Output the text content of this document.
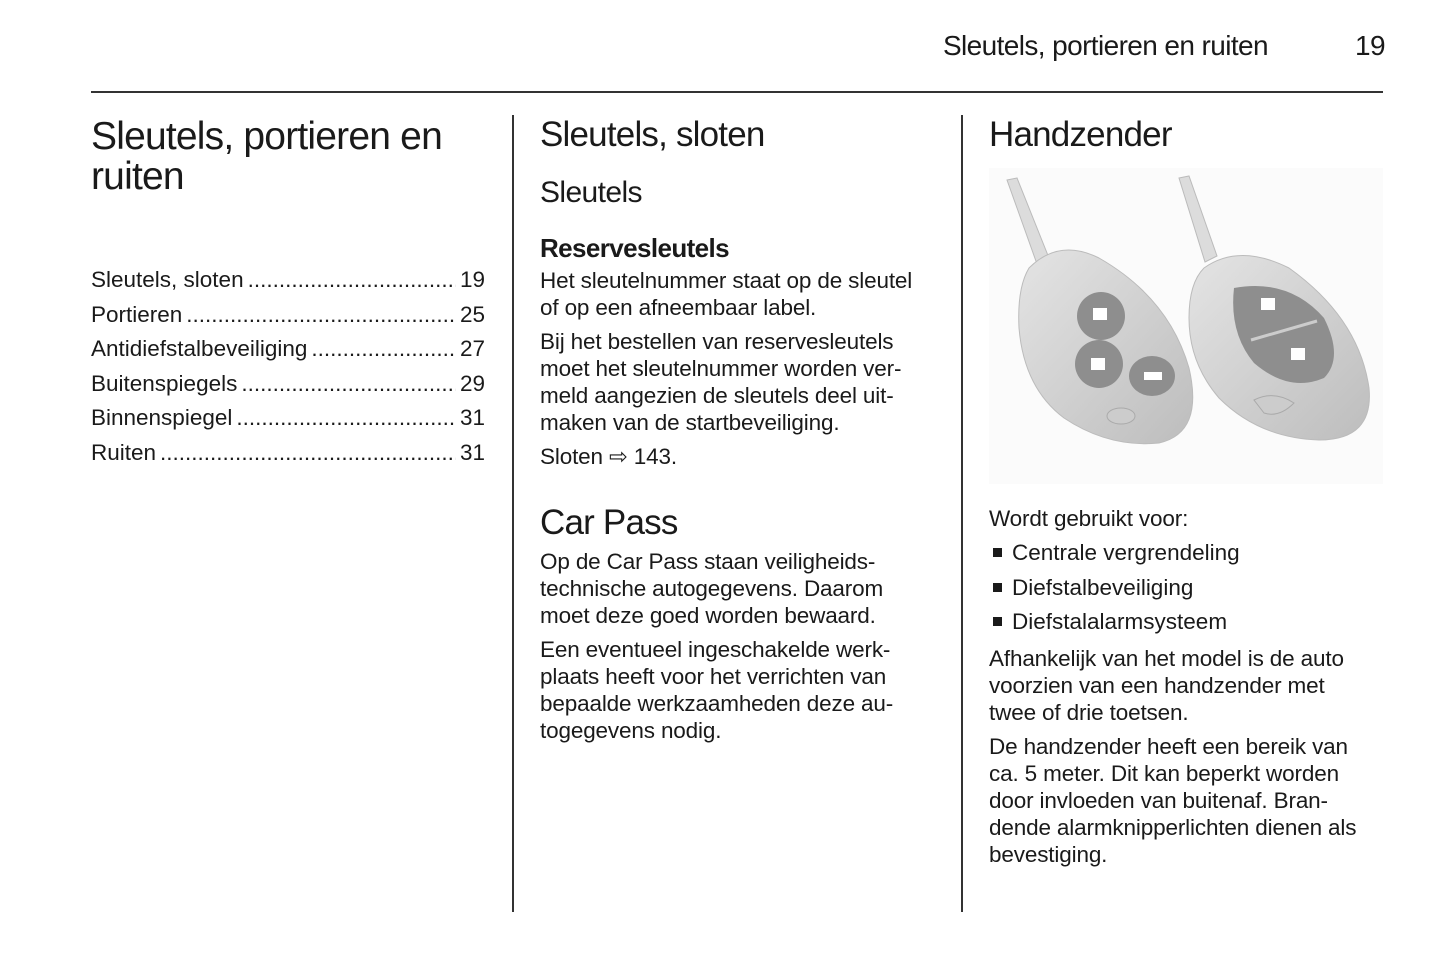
Sleutels, portieren en ruiten	19
Sleutels, portieren en
ruiten
Sleutels, sloten .....	19
Portieren .....	25
Antidiefstalbeveiliging .....	27
Buitenspiegels .....	29
Binnenspiegel .....	31
Ruiten .....	31
Sleutels, sloten
Sleutels
Reservesleutels
Het sleutelnummer staat op de sleutel
of op een afneembaar label.
Bij het bestellen van reservesleutels
moet het sleutelnummer worden ver-
meld aangezien de sleutels deel uit-
maken van de startbeveiliging.
Sloten ⇨ 143.
Car Pass
Op de Car Pass staan veiligheids-
technische autogegevens. Daarom
moet deze goed worden bewaard.
Een eventueel ingeschakelde werk-
plaats heeft voor het verrichten van
bepaalde werkzaamheden deze au-
togegevens nodig.
Handzender
Wordt gebruikt voor:
Centrale vergrendeling
Diefstalbeveiliging
Diefstalalarmsysteem
Afhankelijk van het model is de auto
voorzien van een handzender met
twee of drie toetsen.
De handzender heeft een bereik van
ca. 5 meter. Dit kan beperkt worden
door invloeden van buitenaf. Bran-
dende alarmknipperlichten dienen als
bevestiging.
